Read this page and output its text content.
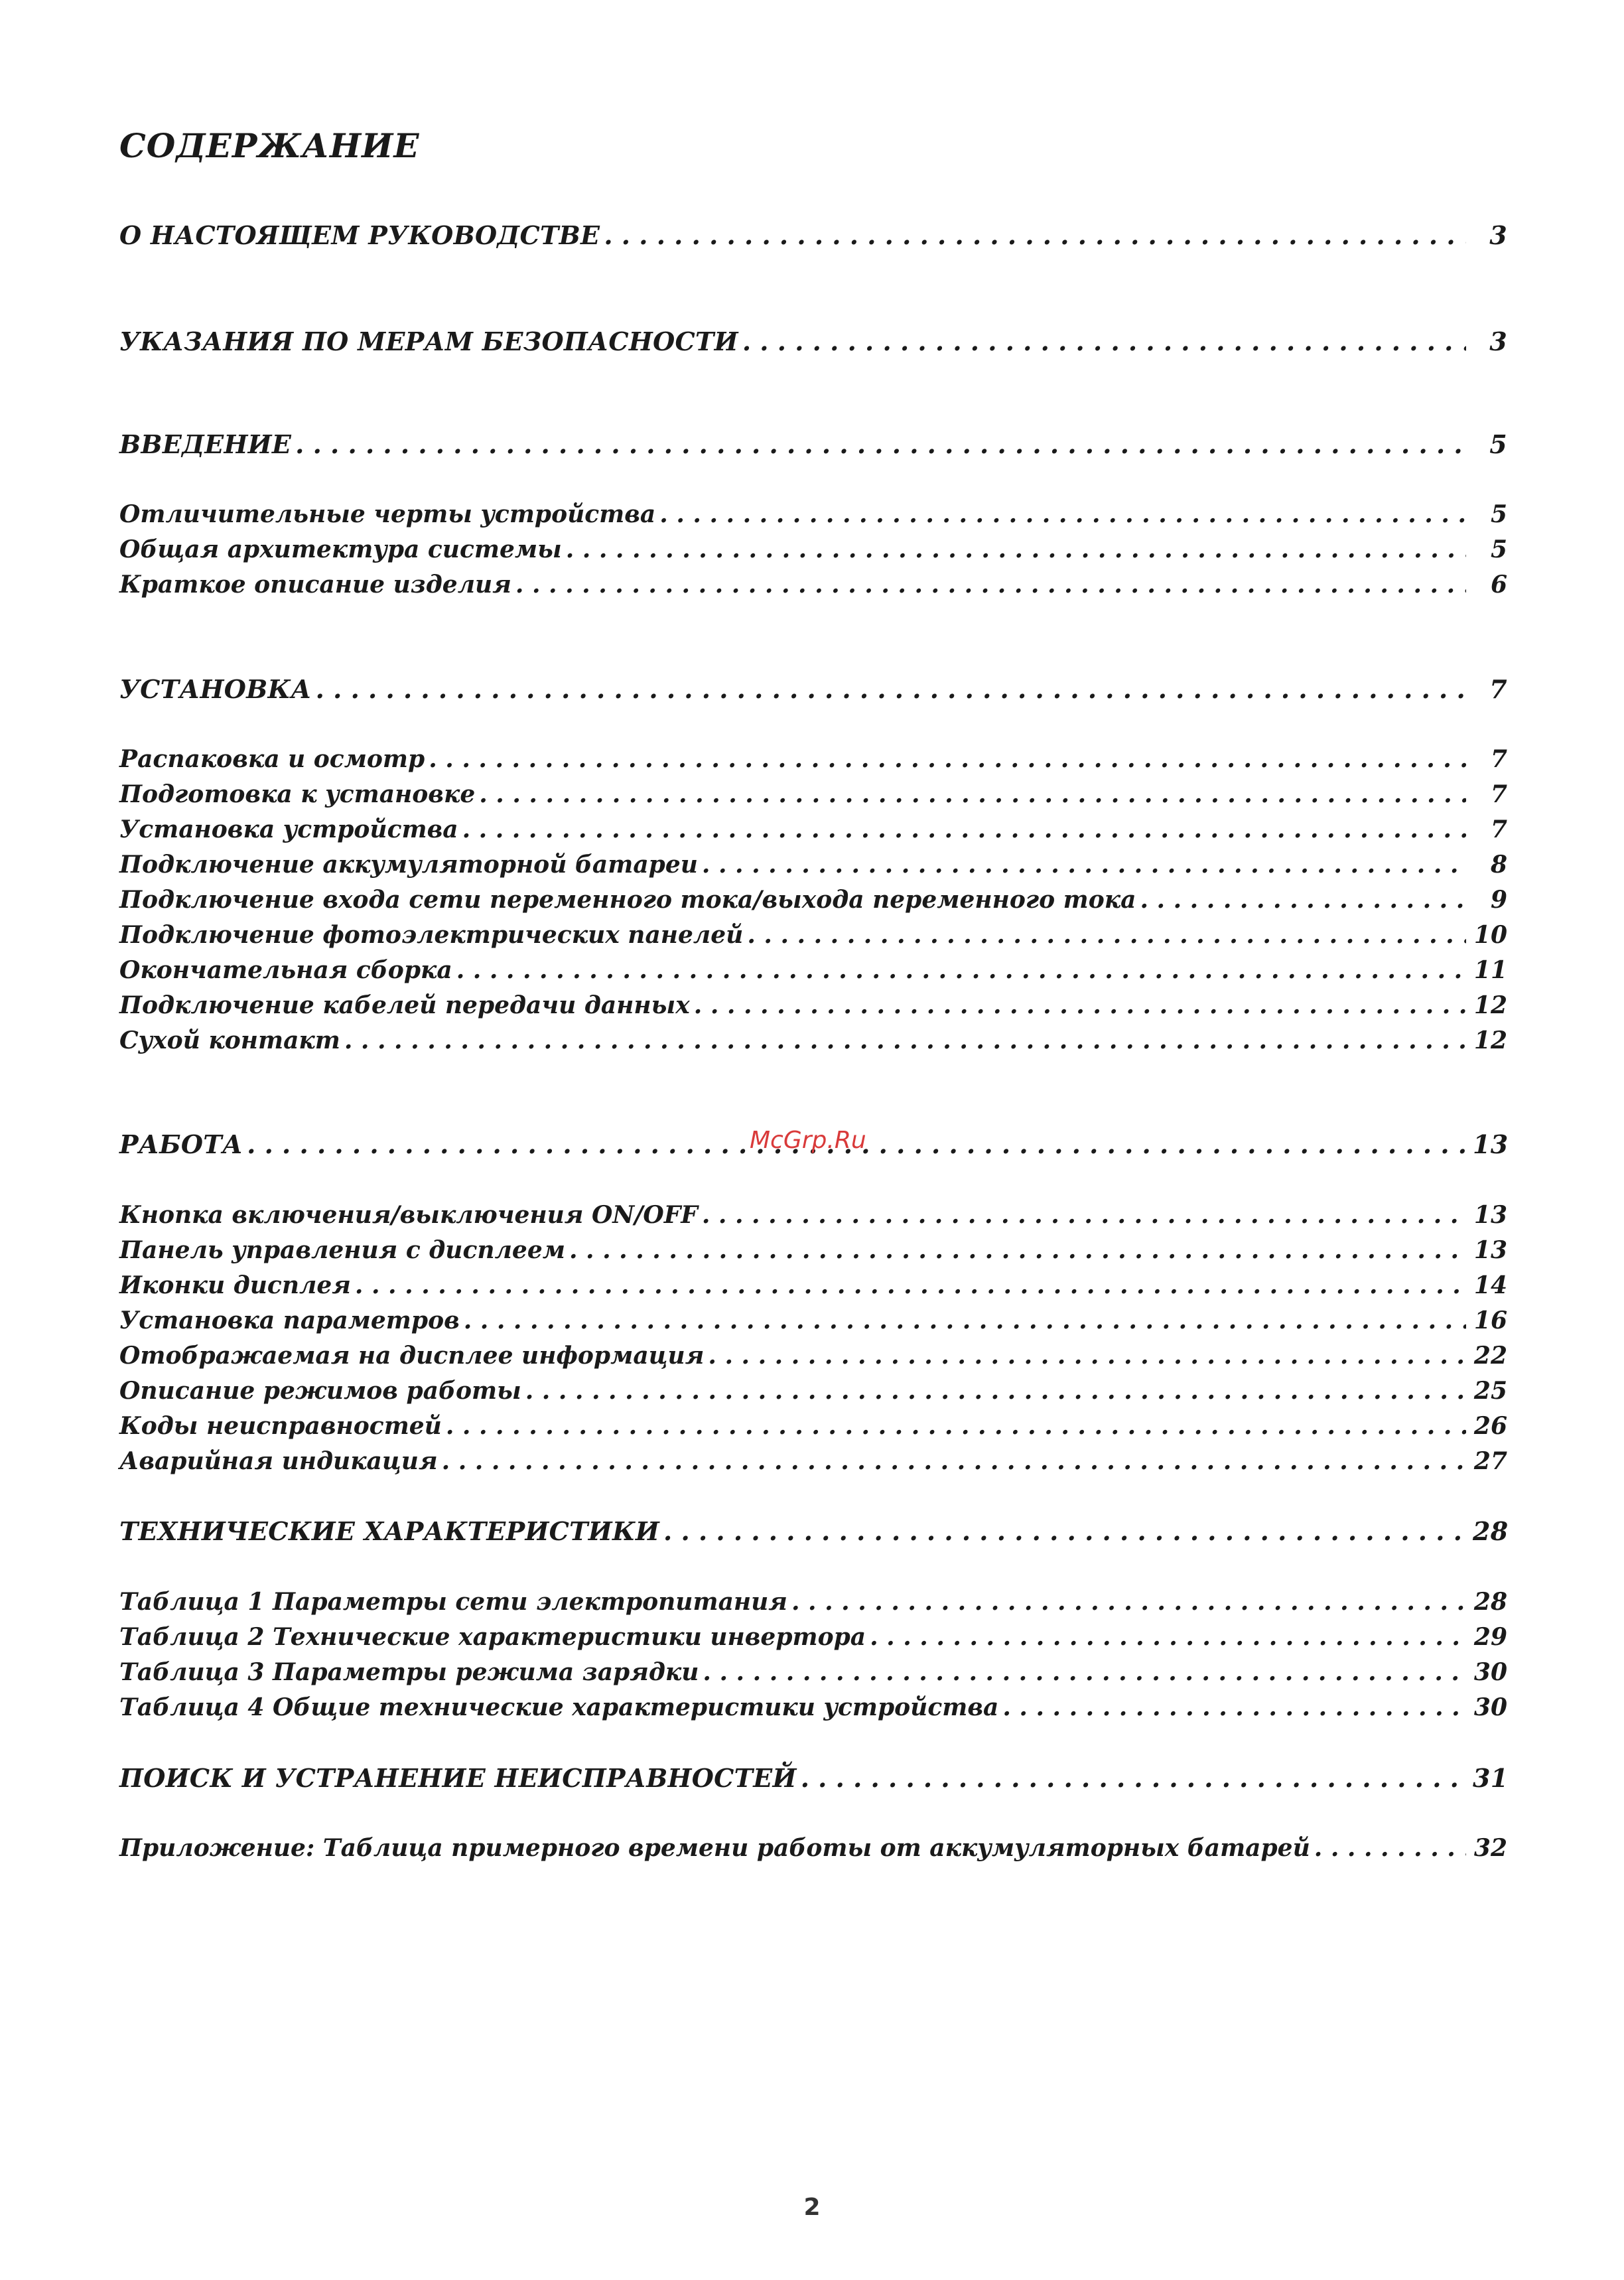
СОДЕРЖАНИЕ
О НАСТОЯЩЕМ РУКОВОДСТВЕ . . .	3
УКАЗАНИЯ ПО МЕРАМ БЕЗОПАСНОСТИ . . .	3
ВВЕДЕНИЕ . . .	5
Отличительные черты устройства . . .	5
Общая архитектура системы . . .	5
Краткое описание изделия . . .	6
УСТАНОВКА . . .	7
Распаковка и осмотр . . .	7
Подготовка к установке . . .	7
Установка устройства . . .	7
Подключение аккумуляторной батареи . . .	8
Подключение входа сети переменного тока/выхода переменного тока . . .	9
Подключение фотоэлектрических панелей . . .	10
Окончательная сборка . . .	11
Подключение кабелей передачи данных . . .	12
Сухой контакт . . .	12
РАБОТА . . .	13
Кнопка включения/выключения ON/OFF . . .	13
Панель управления с дисплеем . . .	13
Иконки дисплея . . .	14
Установка параметров . . .	16
Отображаемая на дисплее информация . . .	22
Описание режимов работы . . .	25
Коды неисправностей . . .	26
Аварийная индикация . . .	27
ТЕХНИЧЕСКИЕ ХАРАКТЕРИСТИКИ . . .	28
Таблица 1 Параметры сети электропитания . . .	28
Таблица 2 Технические характеристики инвертора . . .	29
Таблица 3 Параметры режима зарядки . . .	30
Таблица 4 Общие технические характеристики устройства . . .	30
ПОИСК И УСТРАНЕНИЕ НЕИСПРАВНОСТЕЙ . . .	31
Приложение: Таблица примерного времени работы от аккумуляторных батарей . . .	32
McGrp.Ru
2
